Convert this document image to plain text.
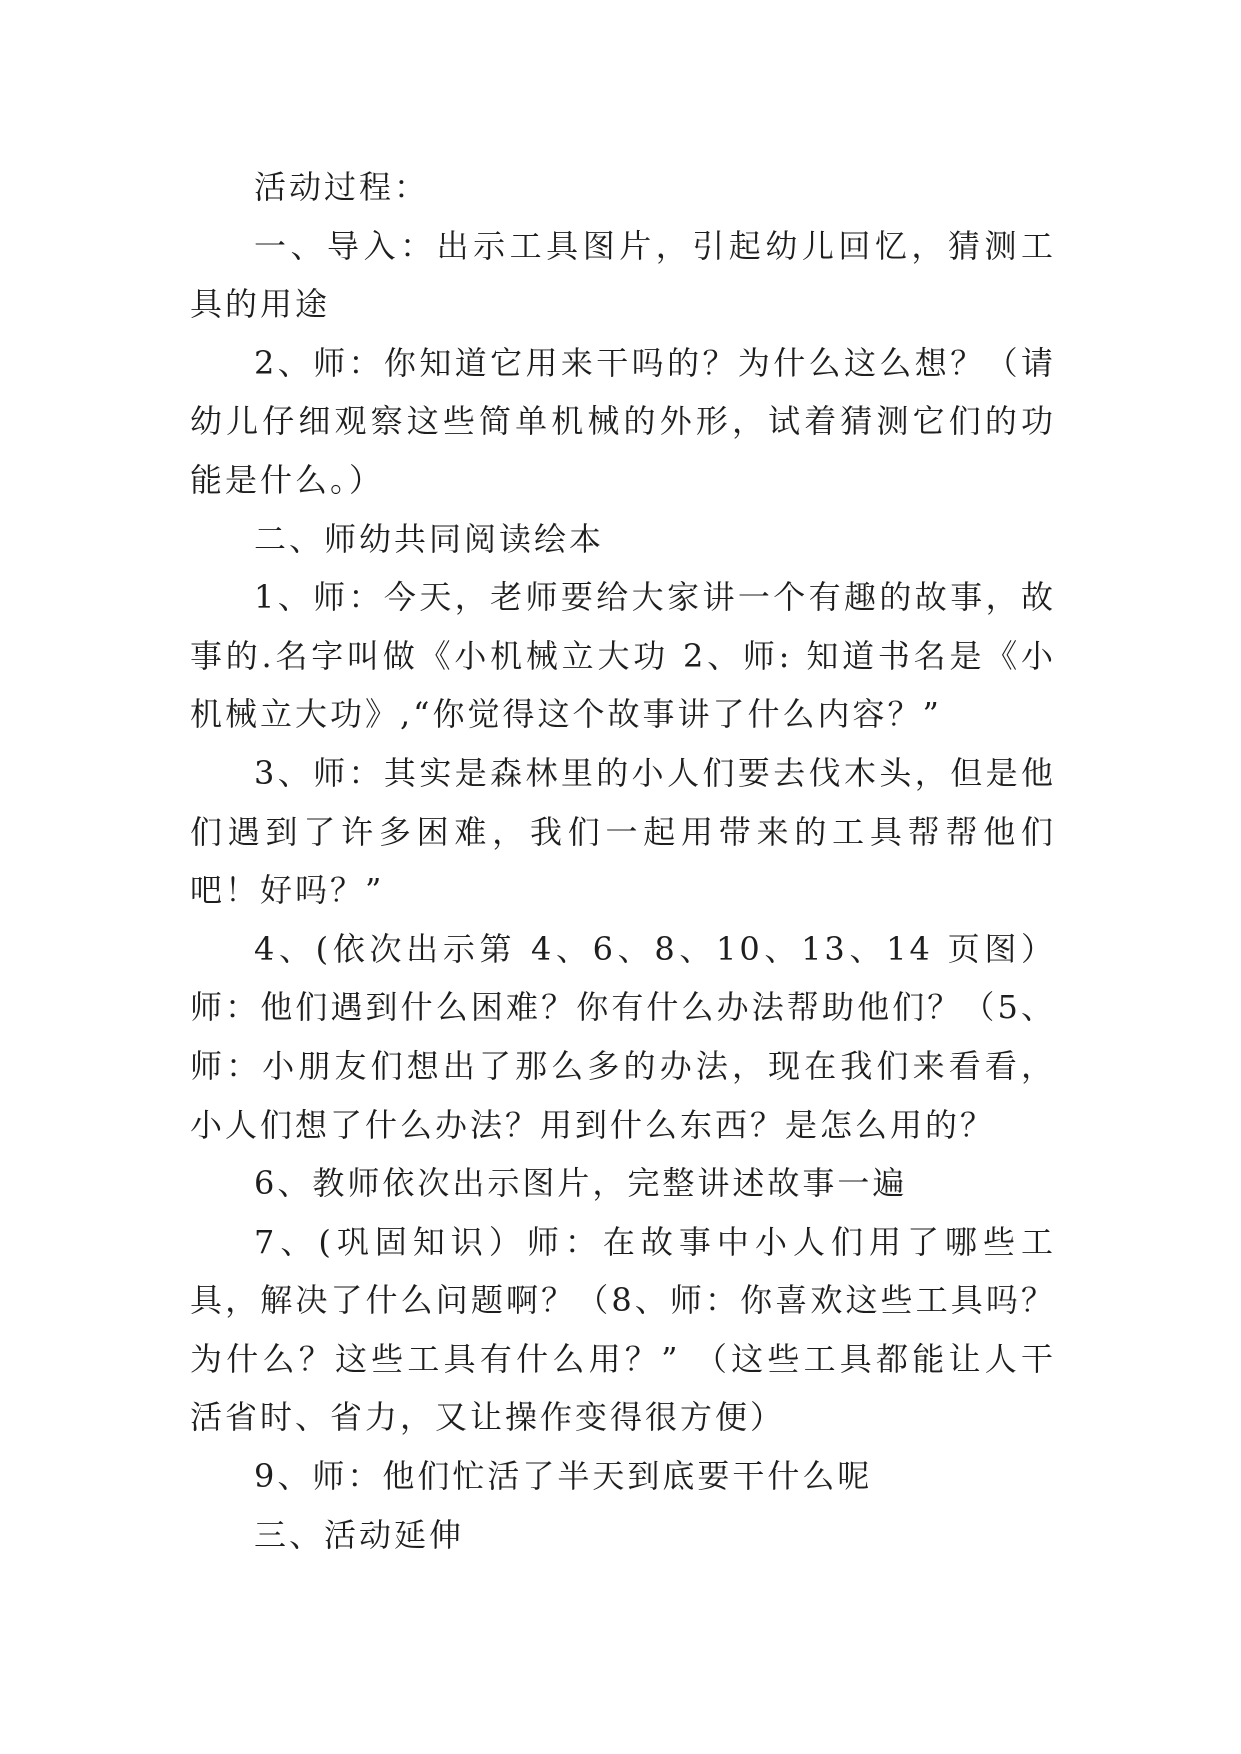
活动过程：

一、导入：出示工具图片，引起幼儿回忆，猜测工具的用途

2、师：你知道它用来干吗的？为什么这么想？（请幼儿仔细观察这些简单机械的外形，试着猜测它们的功能是什么。）

二、师幼共同阅读绘本

1、师：今天，老师要给大家讲一个有趣的故事，故事的.名字叫做《小机械立大功 2、师: 知道书名是《小机械立大功》,“你觉得这个故事讲了什么内容？”

3、师：其实是森林里的小人们要去伐木头，但是他们遇到了许多困难，我们一起用带来的工具帮帮他们吧！好吗？”

4、(依次出示第 4、6、8、10、13、14 页图）师：他们遇到什么困难？你有什么办法帮助他们？（5、师：小朋友们想出了那么多的办法，现在我们来看看，小人们想了什么办法？用到什么东西？是怎么用的？

6、教师依次出示图片，完整讲述故事一遍

7、(巩固知识）师：在故事中小人们用了哪些工具，解决了什么问题啊？（8、师：你喜欢这些工具吗？为什么？这些工具有什么用？” （这些工具都能让人干活省时、省力，又让操作变得很方便）

9、师：他们忙活了半天到底要干什么呢

三、活动延伸
